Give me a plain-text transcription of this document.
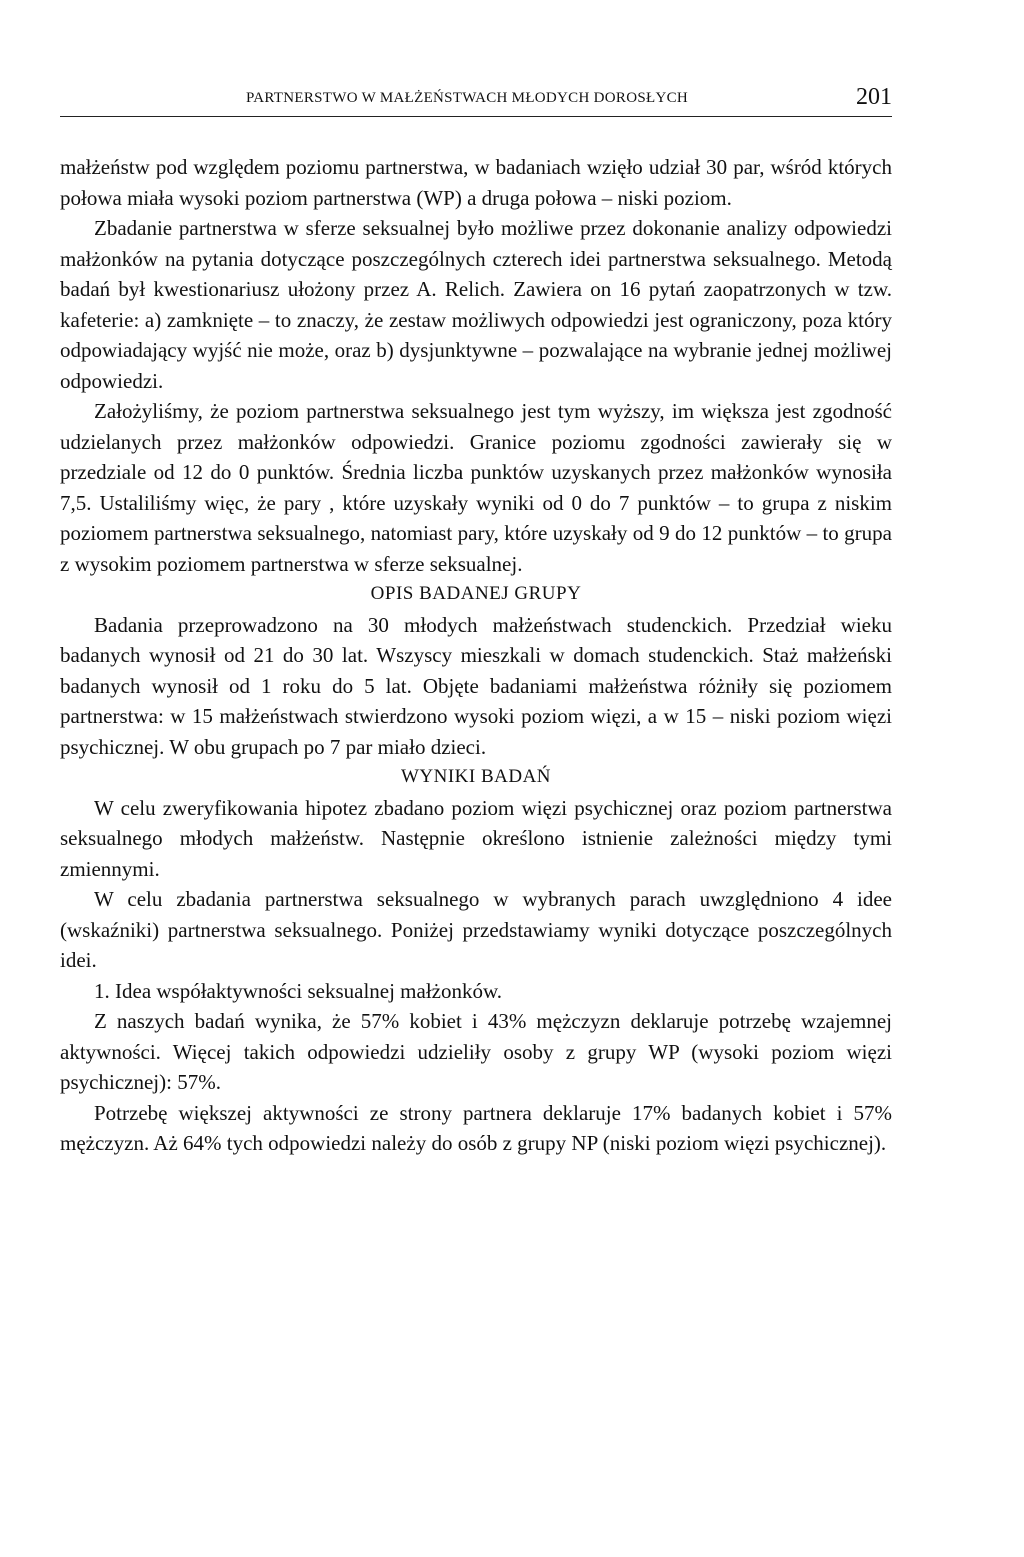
PARTNERSTWO W MAŁŻEŃSTWACH MŁODYCH DOROSŁYCH	201

małżeństw pod względem poziomu partnerstwa, w badaniach wzięło udział 30 par, wśród których połowa miała wysoki poziom partnerstwa (WP) a druga połowa – niski poziom.

Zbadanie partnerstwa w sferze seksualnej było możliwe przez dokonanie analizy odpowiedzi małżonków na pytania dotyczące poszczególnych czterech idei partnerstwa seksualnego. Metodą badań był kwestionariusz ułożony przez A. Relich. Zawiera on 16 pytań zaopatrzonych w tzw. kafeterie: a) zamknięte – to znaczy, że zestaw możliwych odpowiedzi jest ograniczony, poza który odpowiadający wyjść nie może, oraz b) dysjunktywne – pozwalające na wybranie jednej możliwej odpowiedzi.

Założyliśmy, że poziom partnerstwa seksualnego jest tym wyższy, im większa jest zgodność udzielanych przez małżonków odpowiedzi. Granice poziomu zgodności zawierały się w przedziale od 12 do 0 punktów. Średnia liczba punktów uzyskanych przez małżonków wynosiła 7,5. Ustaliliśmy więc, że pary , które uzyskały wyniki od 0 do 7 punktów – to grupa z niskim poziomem partnerstwa seksualnego, natomiast pary, które uzyskały od 9 do 12 punktów – to grupa z wysokim poziomem partnerstwa w sferze seksualnej.

OPIS BADANEJ GRUPY

Badania przeprowadzono na 30 młodych małżeństwach studenckich. Przedział wieku badanych wynosił od 21 do 30 lat. Wszyscy mieszkali w domach studenckich. Staż małżeński badanych wynosił od 1 roku do 5 lat. Objęte badaniami małżeństwa różniły się poziomem partnerstwa: w 15 małżeństwach stwierdzono wysoki poziom więzi, a w 15 – niski poziom więzi psychicznej. W obu grupach po 7 par miało dzieci.

WYNIKI BADAŃ

W celu zweryfikowania hipotez zbadano poziom więzi psychicznej oraz poziom partnerstwa seksualnego młodych małżeństw. Następnie określono istnienie zależności między tymi zmiennymi.

W celu zbadania partnerstwa seksualnego w wybranych parach uwzględniono 4 idee (wskaźniki) partnerstwa seksualnego. Poniżej przedstawiamy wyniki dotyczące poszczególnych idei.

1. Idea współaktywności seksualnej małżonków.

Z naszych badań wynika, że 57% kobiet i 43% mężczyzn deklaruje potrzebę wzajemnej aktywności. Więcej takich odpowiedzi udzieliły osoby z grupy WP (wysoki poziom więzi psychicznej): 57%.

Potrzebę większej aktywności ze strony partnera deklaruje 17% badanych kobiet i 57% mężczyzn. Aż 64% tych odpowiedzi należy do osób z grupy NP (niski poziom więzi psychicznej).
